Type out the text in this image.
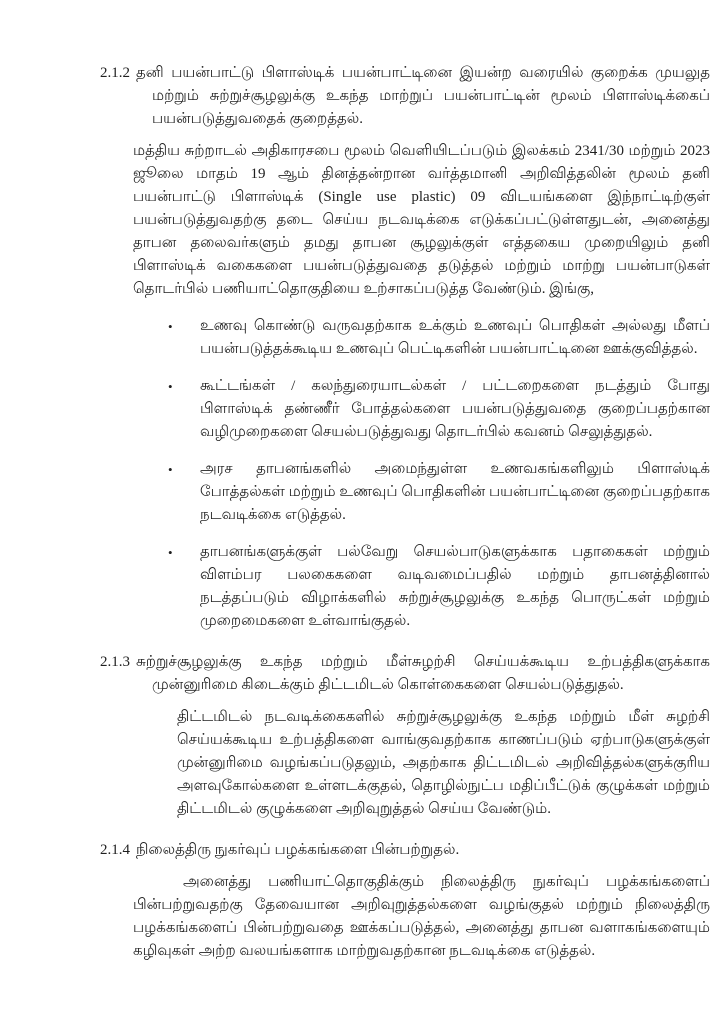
2.1.2 தனி பயன்பாட்டு பிளாஸ்டிக் பயன்பாட்டினை இயன்ற வரையில் குறைக்க முயலுத மற்றும் சுற்றுச்சூழலுக்கு உகந்த மாற்றுப் பயன்பாட்டின் மூலம் பிளாஸ்டிக்கைப் பயன்படுத்துவதைக் குறைத்தல்.

மத்திய சுற்றாடல் அதிகாரசபை மூலம் வெளியிடப்படும் இலக்கம் 2341/30 மற்றும் 2023 ஜூலை மாதம் 19 ஆம் தினத்தன்றான வர்த்தமானி அறிவித்தலின் மூலம் தனி பயன்பாட்டு பிளாஸ்டிக் (Single use plastic) 09 விடயங்களை இந்நாட்டிற்குள் பயன்படுத்துவதற்கு தடை செய்ய நடவடிக்கை எடுக்கப்பட்டுள்ளதுடன், அனைத்து தாபன தலைவர்களும் தமது தாபன சூழலுக்குள் எத்தகைய முறையிலும் தனி பிளாஸ்டிக் வகைகளை பயன்படுத்துவதை தடுத்தல் மற்றும் மாற்று பயன்பாடுகள் தொடர்பில் பணியாட்தொகுதியை உற்சாகப்படுத்த வேண்டும். இங்கு,

•	உணவு கொண்டு வருவதற்காக உக்கும் உணவுப் பொதிகள் அல்லது மீளப் பயன்படுத்தக்கூடிய உணவுப் பெட்டிகளின் பயன்பாட்டினை ஊக்குவித்தல்.
•	கூட்டங்கள் / கலந்துரையாடல்கள் / பட்டறைகளை நடத்தும் போது பிளாஸ்டிக் தண்ணீர் போத்தல்களை பயன்படுத்துவதை குறைப்பதற்கான வழிமுறைகளை செயல்படுத்துவது தொடர்பில் கவனம் செலுத்துதல்.
•	அரச தாபனங்களில் அமைந்துள்ள உணவகங்களிலும் பிளாஸ்டிக் போத்தல்கள் மற்றும் உணவுப் பொதிகளின் பயன்பாட்டினை குறைப்பதற்காக நடவடிக்கை எடுத்தல்.
•	தாபனங்களுக்குள் பல்வேறு செயல்பாடுகளுக்காக பதாகைகள் மற்றும் விளம்பர பலகைகளை வடிவமைப்பதில் மற்றும் தாபனத்தினால் நடத்தப்படும் விழாக்களில் சுற்றுச்சூழலுக்கு உகந்த பொருட்கள் மற்றும் முறைமைகளை உள்வாங்குதல்.
2.1.3 சுற்றுச்சூழலுக்கு உகந்த மற்றும் மீள்சுழற்சி செய்யக்கூடிய உற்பத்திகளுக்காக முன்னுரிமை கிடைக்கும் திட்டமிடல் கொள்கைகளை செயல்படுத்துதல்.

திட்டமிடல் நடவடிக்கைகளில் சுற்றுச்சூழலுக்கு உகந்த மற்றும் மீள் சுழற்சி செய்யக்கூடிய உற்பத்திகளை வாங்குவதற்காக காணப்படும் ஏற்பாடுகளுக்குள் முன்னுரிமை வழங்கப்படுதலும், அதற்காக திட்டமிடல் அறிவித்தல்களுக்குரிய அளவுகோல்களை உள்ளடக்குதல், தொழில்நுட்ப மதிப்பீட்டுக் குழுக்கள் மற்றும் திட்டமிடல் குழுக்களை அறிவுறுத்தல் செய்ய வேண்டும்.

2.1.4 நிலைத்திரு நுகர்வுப் பழக்கங்களை பின்பற்றுதல்.

அனைத்து பணியாட்தொகுதிக்கும் நிலைத்திரு நுகர்வுப் பழக்கங்களைப் பின்பற்றுவதற்கு தேவையான அறிவுறுத்தல்களை வழங்குதல் மற்றும் நிலைத்திரு பழக்கங்களைப் பின்பற்றுவதை ஊக்கப்படுத்தல், அனைத்து தாபன வளாகங்களையும் கழிவுகள் அற்ற வலயங்களாக மாற்றுவதற்கான நடவடிக்கை எடுத்தல்.
